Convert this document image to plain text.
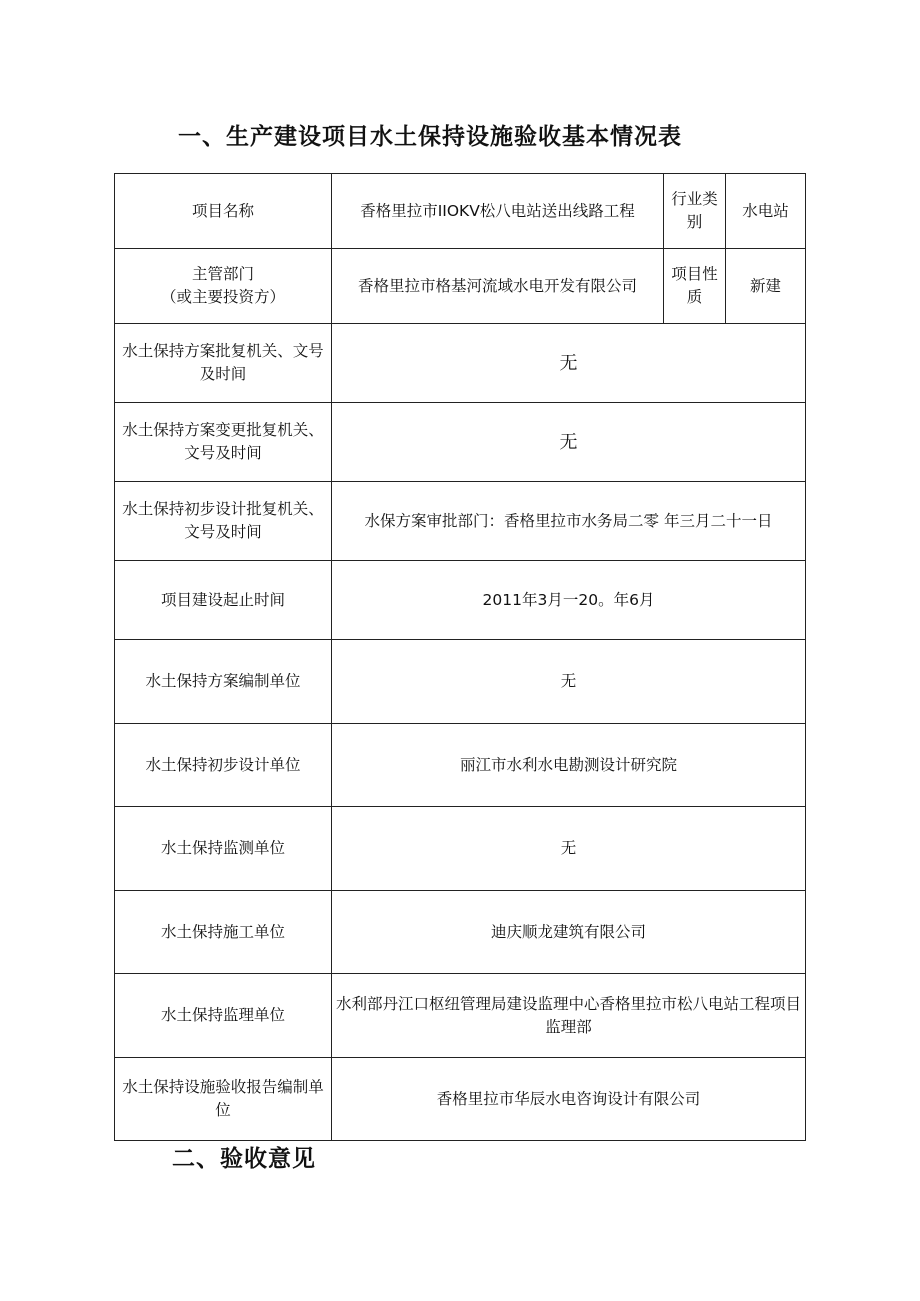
一、生产建设项目水土保持设施验收基本情况表
项目名称	香格里拉市IIOKV松八电站送出线路工程	行业类别	水电站

主管部门
（或主要投资方）	香格里拉市格基河流域水电开发有限公司	项目性质	新建
水土保持方案批复机关、文号及时间	无		
水土保持方案变更批复机关、文号及时间	无		
水土保持初步设计批复机关、文号及时间	水保方案审批部门：香格里拉市水务局二零 年三月二十一日		
项目建设起止时间	2011年3月一20。年6月		
水土保持方案编制单位	无		
水土保持初步设计单位	丽江市水利水电勘测设计研究院		
水土保持监测单位	无		
水土保持施工单位	迪庆顺龙建筑有限公司		
水土保持监理单位	水利部丹江口枢纽管理局建设监理中心香格里拉市松八电站工程项目监理部		
水土保持设施验收报告编制单位	香格里拉市华辰水电咨询设计有限公司		
二、验收意见
